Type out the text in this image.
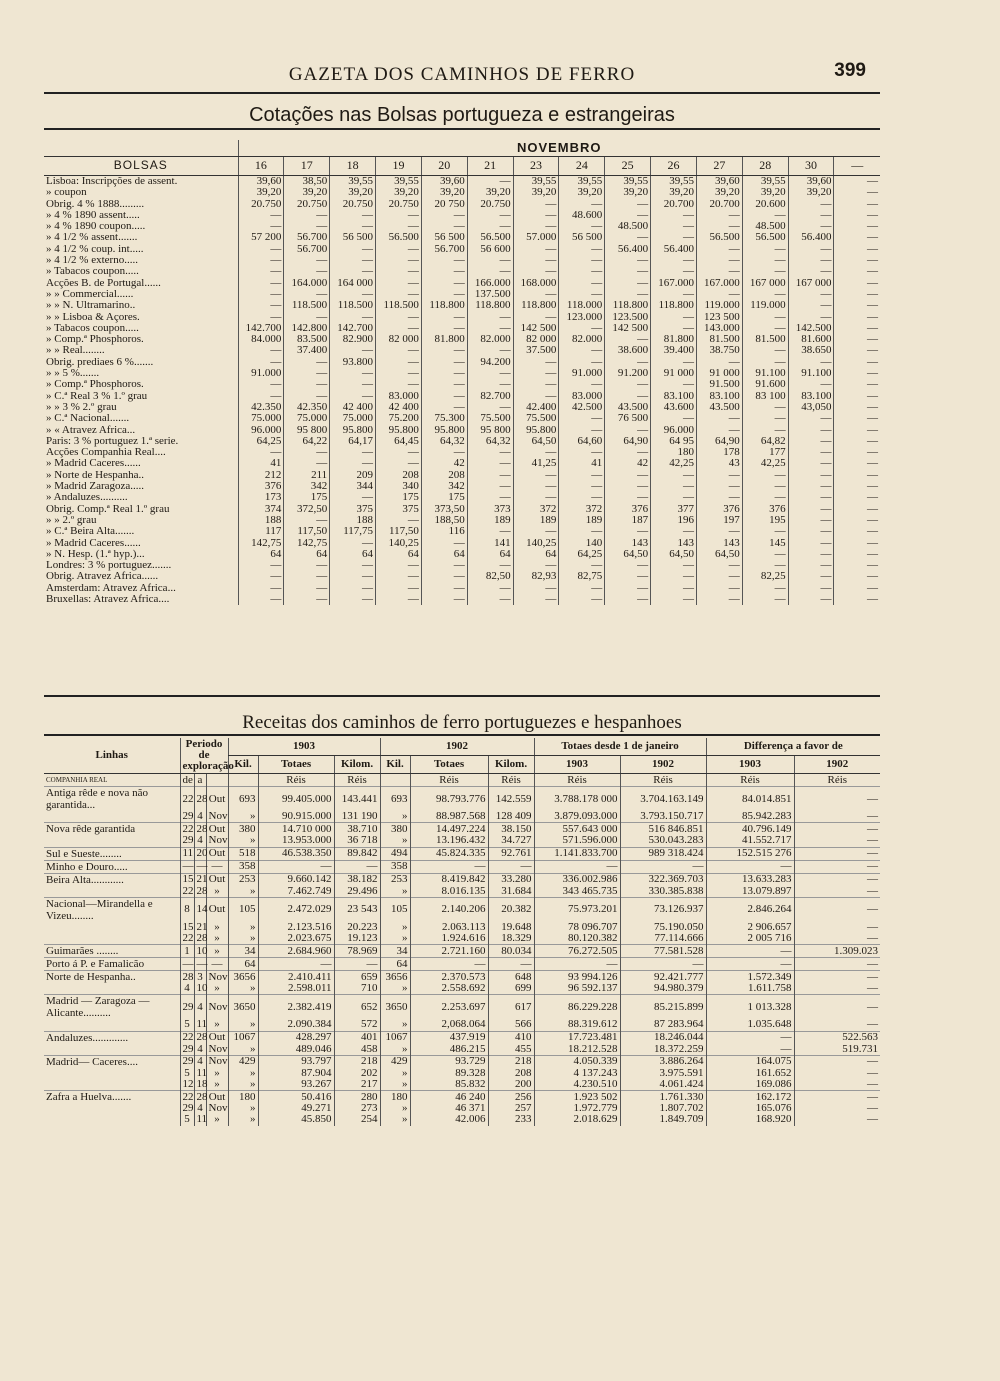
GAZETA DOS CAMINHOS DE FERRO	399
Cotações nas Bolsas portugueza e estrangeiras
	NOVEMBRO													
BOLSAS	16	17	18	19	20	21	23	24	25	26	27	28	30	—
Lisboa: Inscripções de assent.	39,60	38,50	39,55	39,55	39,60	—	39,55	39,55	39,55	39,55	39,60	39,55	39,60	—
» coupon	39,20	39,20	39,20	39,20	39,20	39,20	39,20	39,20	39,20	39,20	39,20	39,20	39,20	—
Obrig. 4 % 1888.........	20.750	20.750	20.750	20.750	20 750	20.750	—	—	—	20.700	20.700	20.600	—	—
» 4 % 1890 assent.....	—	—	—	—	—	—	—	48.600	—	—	—	—	—	—
» 4 % 1890 coupon.....	—	—	—	—	—	—	—	—	48.500	—	—	48.500	—	—
» 4 1/2 % assent.......	57 200	56.700	56 500	56.500	56 500	56.500	57.000	56 500	—	—	56.500	56.500	56.400	—
» 4 1/2 % coup. int.....	—	56.700	—	—	56.700	56 600	—	—	56.400	56.400	—	—	—	—
» 4 1/2 % externo.....	—	—	—	—	—	—	—	—	—	—	—	—	—	—
» Tabacos coupon.....	—	—	—	—	—	—	—	—	—	—	—	—	—	—
Acções B. de Portugal......	—	164.000	164 000	—	—	166.000	168.000	—	—	167.000	167.000	167 000	167 000	—
» » Commercial......	—	—	—	—	—	137.500	—	—	—	—	—	—	—	—
» » N. Ultramarino..	—	118.500	118.500	118.500	118.800	118.800	118.800	118.000	118.800	118.800	119.000	119.000	—	—
» » Lisboa & Açores.	—	—	—	—	—	—	—	123.000	123.500	—	123 500	—	—	—
» Tabacos coupon.....	142.700	142.800	142.700	—	—	—	142 500	—	142 500	—	143.000	—	142.500	—
» Comp.ª Phosphoros.	84.000	83.500	82.900	82 000	81.800	82.000	82 000	82.000	—	81.800	81.500	81.500	81.600	—
» » Real........	—	37.400	—	—	—	—	37.500	—	38.600	39.400	38.750	—	38.650	—
Obrig. prediaes 6 %.......	—	—	93.800	—	—	94.200	—	—	—	—	—	—	—	—
» » 5 %.......	91.000	—	—	—	—	—	—	91.000	91.200	91 000	91 000	91.100	91.100	—
» Comp.ª Phosphoros.	—	—	—	—	—	—	—	—	—	—	91.500	91.600	—	—
» C.ª Real 3 % 1.º grau	—	—	—	83.000	—	82.700	—	83.000	—	83.100	83.100	83 100	83.100	—
» » 3 % 2.º grau	42.350	42.350	42 400	42 400	—	—	42.400	42.500	43.500	43.600	43.500	—	43,050	—
» C.ª Nacional.......	75.000	75.000	75.000	75.200	75.300	75.500	75.500	—	76 500	—	—	—	—	—
» « Atravez Africa...	96.000	95 800	95.800	95.800	95.800	95 800	95.800	—	—	96.000	—	—	—	—
Paris: 3 % portuguez 1.ª serie.	64,25	64,22	64,17	64,45	64,32	64,32	64,50	64,60	64,90	64 95	64,90	64,82	—	—
Acções Companhia Real....	—	—	—	—	—	—	—	—	—	180	178	177	—	—
» Madrid Caceres......	41	—	—	—	42	—	41,25	41	42	42,25	43	42,25	—	—
» Norte de Hespanha..	212	211	209	208	208	—	—	—	—	—	—	—	—	—
» Madrid Zaragoza.....	376	342	344	340	342	—	—	—	—	—	—	—	—	—
» Andaluzes..........	173	175	—	175	175	—	—	—	—	—	—	—	—	—
Obrig. Comp.ª Real 1.º grau	374	372,50	375	375	373,50	373	372	372	376	377	376	376	—	—
» » 2.º grau	188	—	188	—	188,50	189	189	189	187	196	197	195	—	—
» C.ª Beira Alta.......	117	117,50	117,75	117,50	116	—	—	—	—	—	—	—	—	—
» Madrid Caceres......	142,75	142,75	—	140,25	—	141	140,25	140	143	143	143	145	—	—
» N. Hesp. (1.ª hyp.)...	64	64	64	64	64	64	64	64,25	64,50	64,50	64,50	—	—	—
Londres: 3 % portuguez.......	—	—	—	—	—	—	—	—	—	—	—	—	—	—
Obrig. Atravez Africa......	—	—	—	—	—	82,50	82,93	82,75	—	—	—	82,25	—	—
Amsterdam: Atravez Africa...	—	—	—	—	—	—	—	—	—	—	—	—	—	—
Bruxellas: Atravez Africa....	—	—	—	—	—	—	—	—	—	—	—	—	—	—
Receitas dos caminhos de ferro portuguezes e hespanhoes
Linhas	Periodo de exploração			1903			1902			Totaes desde 1 de janeiro		Differença a favor de	
				Kil.	Totaes	Kilom.	Kil.	Totaes	Kilom.	1903	1902	1903	1902
COMPANHIA REAL	de	a			Réis	Réis		Réis	Réis	Réis	Réis	Réis	Réis
Antiga rêde e nova não garantida...	22	28	Out	693	99.405.000	143.441	693	98.793.776	142.559	3.788.178 000	3.704.163.149	84.014.851	—
	29	4	Nov	»	90.915.000	131 190	»	88.987.568	128 409	3.879.093.000	3.793.150.717	85.942.283	—
Nova rêde garantida	22	28	Out	380	14.710 000	38.710	380	14.497.224	38.150	557.643 000	516 846.851	40.796.149	—
	29	4	Nov	»	13.953.000	36 718	»	13.196.432	34.727	571.596.000	530.043.283	41.552.717	—
Sul e Sueste........	11	20	Out	518	46.538.350	89.842	494	45.824.335	92.761	1.141.833.700	989 318.424	152.515 276	—
Minho e Douro.....	—	—	—	358	—	—	358	—	—	—	—	—	—
Beira Alta............	15	21	Out	253	9.660.142	38.182	253	8.419.842	33.280	336.002.986	322.369.703	13.633.283	—
	22	28	»	»	7.462.749	29.496	»	8.016.135	31.684	343 465.735	330.385.838	13.079.897	—
Nacional—Mirandella e Vizeu........	8	14	Out	105	2.472.029	23 543	105	2.140.206	20.382	75.973.201	73.126.937	2.846.264	—
	15	21	»	»	2.123.516	20.223	»	2.063.113	19.648	78 096.707	75.190.050	2 906.657	—
	22	28	»	»	2.023.675	19.123	»	1.924.616	18.329	80.120.382	77.114.666	2 005 716	—
Guimarães ........	1	10	»	34	2.684.960	78.969	34	2.721.160	80.034	76.272.505	77.581.528	—	1.309.023
Porto á P. e Famalicão	—	—	—	64	—	—	64	—	—	—	—	—	—
Norte de Hespanha..	28	3	Nov	3656	2.410.411	659	3656	2.370.573	648	93 994.126	92.421.777	1.572.349	—
	4	10	»	»	2.598.011	710	»	2.558.692	699	96 592.137	94.980.379	1.611.758	—
Madrid — Zaragoza — Alicante..........	29	4	Nov	3650	2.382.419	652	3650	2.253.697	617	86.229.228	85.215.899	1 013.328	—
	5	11	»	»	2.090.384	572	»	2,068.064	566	88.319.612	87 283.964	1.035.648	—
Andaluzes.............	22	28	Out	1067	428.297	401	1067	437.919	410	17.723.481	18.246.044	—	522.563
	29	4	Nov	»	489.046	458	»	486.215	455	18.212.528	18.372.259	—	519.731
Madrid— Caceres....	29	4	Nov	429	93.797	218	429	93.729	218	4.050.339	3.886.264	164.075	—
	5	11	»	»	87.904	202	»	89.328	208	4 137.243	3.975.591	161.652	—
	12	18	»	»	93.267	217	»	85.832	200	4.230.510	4.061.424	169.086	—
Zafra a Huelva.......	22	28	Out	180	50.416	280	180	46 240	256	1.923 502	1.761.330	162.172	—
	29	4	Nov	»	49.271	273	»	46 371	257	1.972.779	1.807.702	165.076	—
	5	11	»	»	45.850	254	»	42.006	233	2.018.629	1.849.709	168.920	—
